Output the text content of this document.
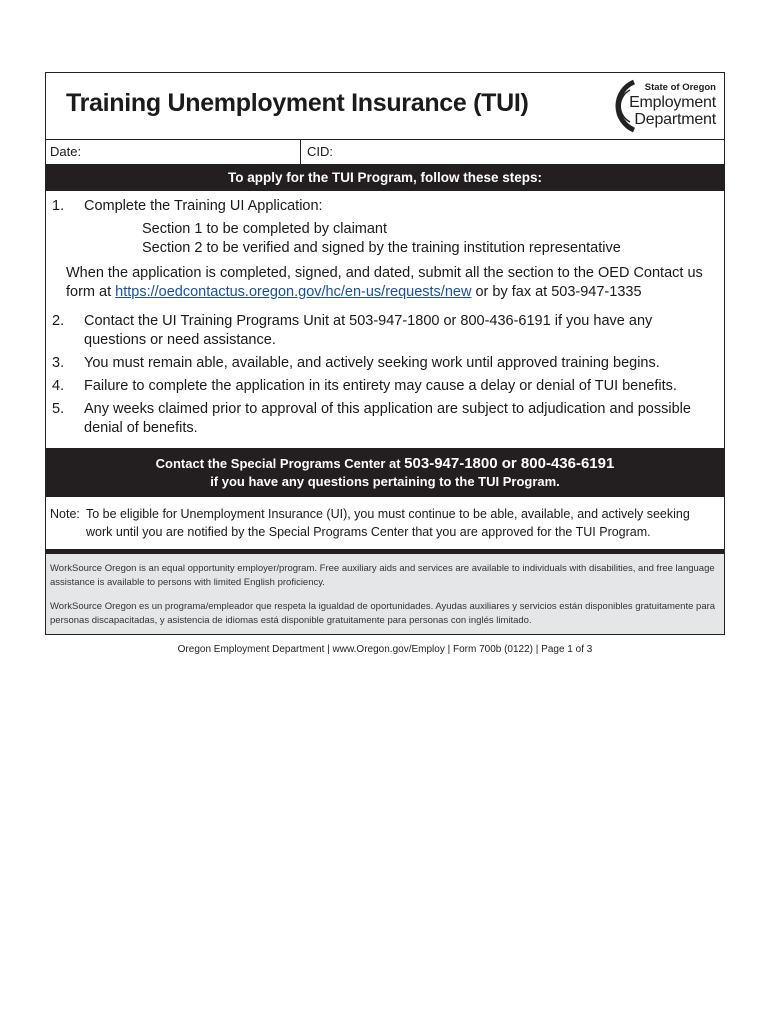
Training Unemployment Insurance (TUI)
State of Oregon
Employment
Department
Date:	CID:
To apply for the TUI Program, follow these steps:
1.	Complete the Training UI Application:
Section 1 to be completed by claimant
Section 2 to be verified and signed by the training institution representative
When the application is completed, signed, and dated, submit all the section to the OED Contact us form at https://oedcontactus.oregon.gov/hc/en-us/requests/new or by fax at 503-947-1335
2.	Contact the UI Training Programs Unit at 503-947-1800 or 800-436-6191 if you have any questions or need assistance.
3.	You must remain able, available, and actively seeking work until approved training begins.
4.	Failure to complete the application in its entirety may cause a delay or denial of TUI benefits.
5.	Any weeks claimed prior to approval of this application are subject to adjudication and possible denial of benefits.
Contact the Special Programs Center at 503-947-1800 or 800-436-6191
if you have any questions pertaining to the TUI Program.
Note: To be eligible for Unemployment Insurance (UI), you must continue to be able, available, and actively seeking work until you are notified by the Special Programs Center that you are approved for the TUI Program.

WorkSource Oregon is an equal opportunity employer/program. Free auxiliary aids and services are available to individuals with disabilities, and free language assistance is available to persons with limited English proficiency.

WorkSource Oregon es un programa/empleador que respeta la igualdad de oportunidades. Ayudas auxiliares y servicios están disponibles gratuitamente para personas discapacitadas, y asistencia de idiomas está disponible gratuitamente para personas con inglés limitado.

Oregon Employment Department | www.Oregon.gov/Employ | Form 700b (0122) | Page 1 of 3
